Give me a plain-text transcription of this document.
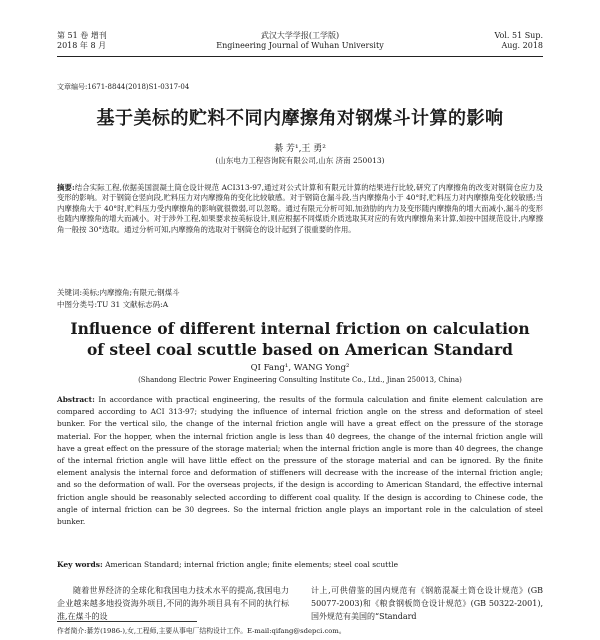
第 51 卷 增刊
2018 年 8 月
武汉大学学报(工学版)
Engineering Journal of Wuhan University
Vol. 51 Sup.
Aug. 2018
文章编号:1671-8844(2018)S1-0317-04
基于美标的贮料不同内摩擦角对钢煤斗计算的影响
綦 芳¹,王 勇²
(山东电力工程咨询院有限公司,山东 济南 250013)

摘要:结合实际工程,依据美国混凝土筒仓设计规范 ACI313-97,通过对公式计算和有限元计算的结果进行比较,研究了内摩擦角的改变对钢筒仓应力及变形的影响。对于钢筒仓竖向段,贮料压力对内摩擦角的变化比较敏感。对于钢筒仓漏斗段,当内摩擦角小于 40°时,贮料压力对内摩擦角变化较敏感;当内摩擦角大于 40°时,贮料压力受内摩擦角的影响就很微弱,可以忽略。通过有限元分析可知,加劲肋的内力及变形随内摩擦角的增大而减小,漏斗的变形也随内摩擦角的增大而减小。对于涉外工程,如果要求按美标设计,则应根据不同煤质介质选取其对应的有效内摩擦角来计算,如按中国规范设计,内摩擦角一般按 30°选取。通过分析可知,内摩擦角的选取对于钢筒仓的设计起到了很重要的作用。

关键词:美标;内摩擦角;有限元;钢煤斗
中图分类号:TU 31 文献标志码:A
Influence of different internal friction on calculation
of steel coal scuttle based on American Standard
QI Fang¹, WANG Yong²
(Shandong Electric Power Engineering Consulting Institute Co., Ltd., Jinan 250013, China)

Abstract: In accordance with practical engineering, the results of the formula calculation and finite element calculation are compared according to ACI 313-97; studying the influence of internal friction angle on the stress and deformation of steel bunker. For the vertical silo, the change of the internal friction angle will have a great effect on the pressure of the storage material. For the hopper, when the internal friction angle is less than 40 degrees, the change of the internal friction angle will have a great effect on the pressure of the storage material; when the internal friction angle is more than 40 degrees, the change of the internal friction angle will have little effect on the pressure of the storage material and can be ignored. By the finite element analysis the internal force and deformation of stiffeners will decrease with the increase of the internal friction angle; and so the deformation of wall. For the overseas projects, if the design is according to American Standard, the effective internal friction angle should be reasonably selected according to different coal quality. If the design is according to Chinese code, the angle of internal friction can be 30 degrees. So the internal friction angle plays an important role in the calculation of steel bunker.

Key words: American Standard; internal friction angle; finite elements; steel coal scuttle

随着世界经济的全球化和我国电力技术水平的提高,我国电力企业越来越多地投资海外项目,不同的海外项目具有不同的执行标准,在煤斗的设

计上,可供借鉴的国内规范有《钢筋混凝土筒仓设计规范》(GB 50077-2003)和《粮食钢板筒仓设计规范》(GB 50322-2001),国外规范有美国的“Standard

作者简介:綦芳(1986-),女,工程师,主要从事电厂结构设计工作。E-mail:qifang@sdepci.com。
